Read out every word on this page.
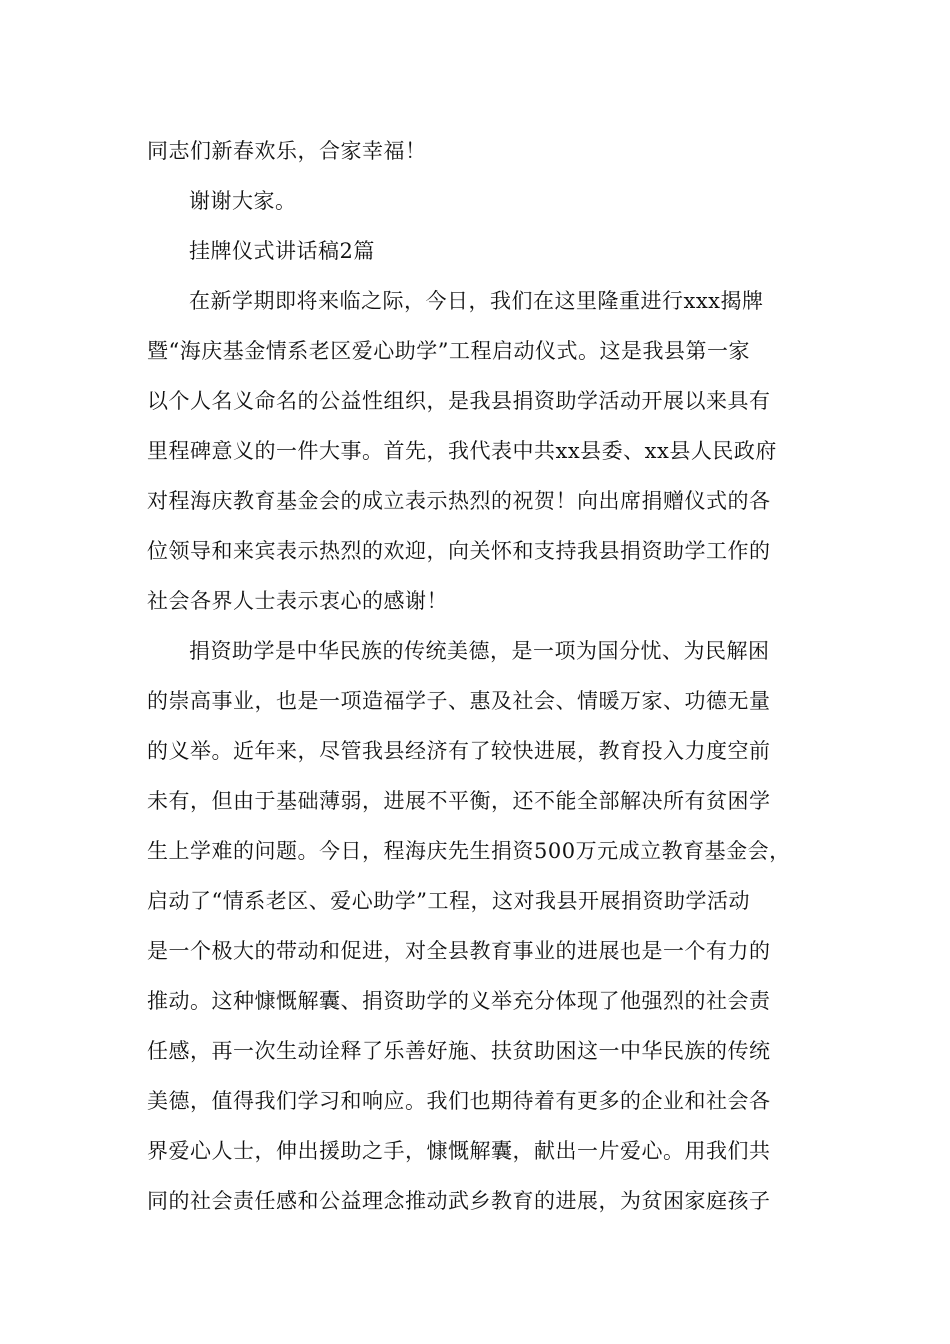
同志们新春欢乐，合家幸福！
谢谢大家。
挂牌仪式讲话稿2篇
在新学期即将来临之际，今日，我们在这里隆重进行xxx揭牌
暨“海庆基金情系老区爱心助学”工程启动仪式。这是我县第一家
以个人名义命名的公益性组织，是我县捐资助学活动开展以来具有
里程碑意义的一件大事。首先，我代表中共xx县委、xx县人民政府
对程海庆教育基金会的成立表示热烈的祝贺！向出席捐赠仪式的各
位领导和来宾表示热烈的欢迎，向关怀和支持我县捐资助学工作的
社会各界人士表示衷心的感谢！
捐资助学是中华民族的传统美德，是一项为国分忧、为民解困
的崇高事业，也是一项造福学子、惠及社会、情暖万家、功德无量
的义举。近年来，尽管我县经济有了较快进展，教育投入力度空前
未有，但由于基础薄弱，进展不平衡，还不能全部解决所有贫困学
生上学难的问题。今日，程海庆先生捐资500万元成立教育基金会，
启动了“情系老区、爱心助学”工程，这对我县开展捐资助学活动
是一个极大的带动和促进，对全县教育事业的进展也是一个有力的
推动。这种慷慨解囊、捐资助学的义举充分体现了他强烈的社会责
任感，再一次生动诠释了乐善好施、扶贫助困这一中华民族的传统
美德，值得我们学习和响应。我们也期待着有更多的企业和社会各
界爱心人士，伸出援助之手，慷慨解囊，献出一片爱心。用我们共
同的社会责任感和公益理念推动武乡教育的进展，为贫困家庭孩子
